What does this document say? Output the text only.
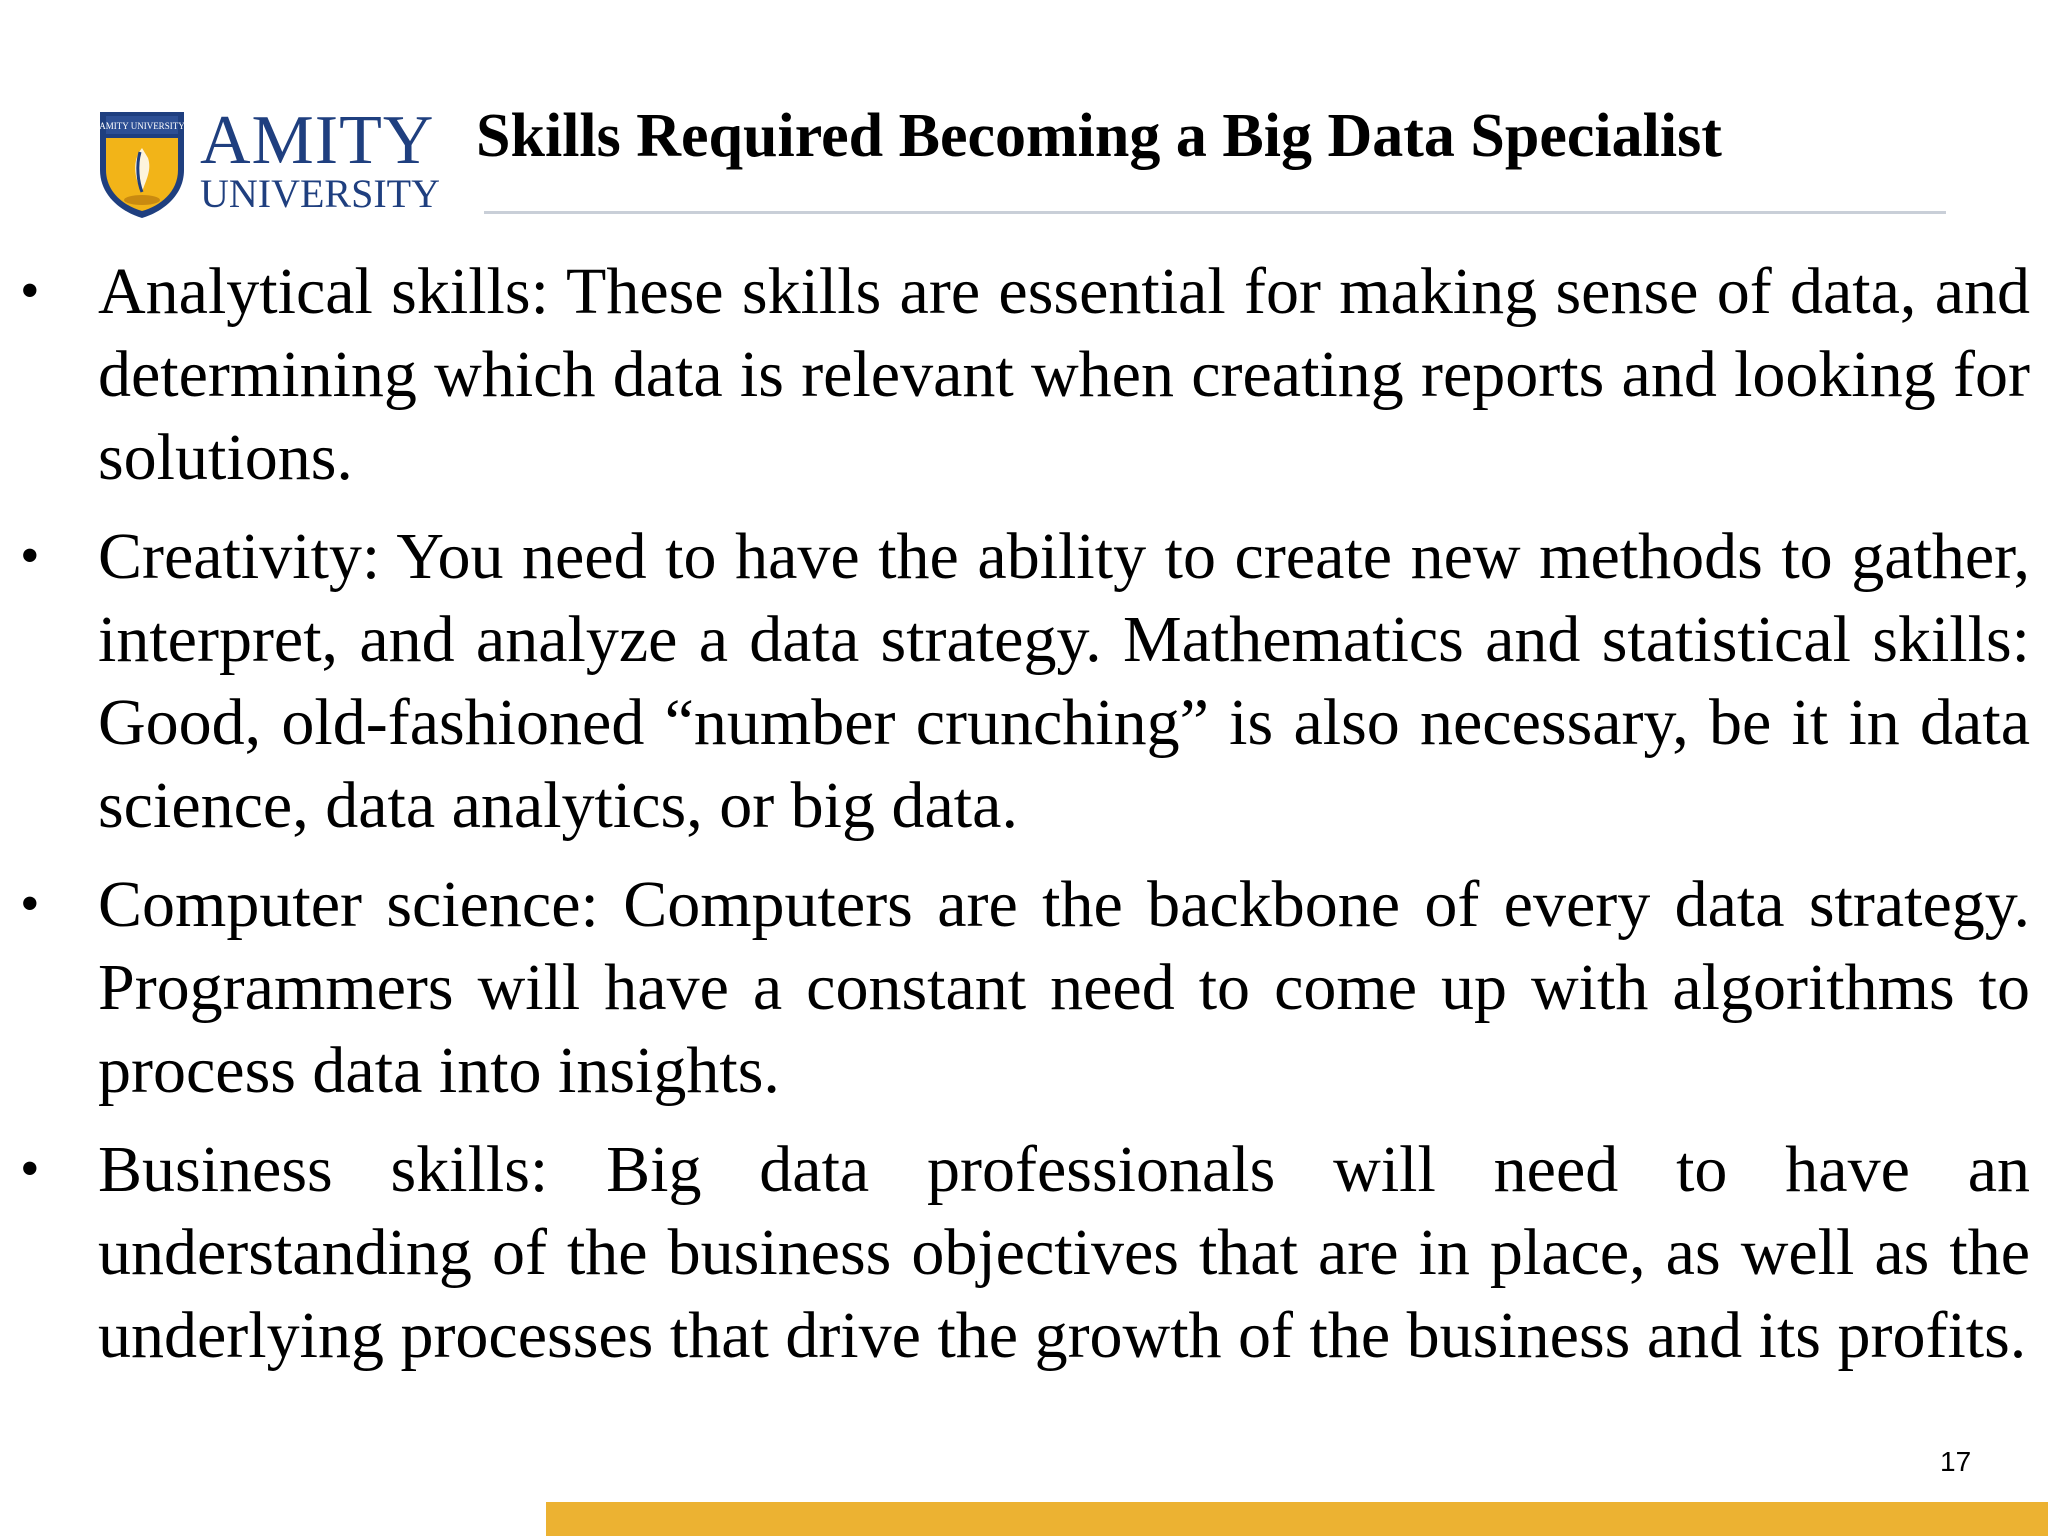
AMITY UNIVERSITY AMITY
UNIVERSITY
Skills Required Becoming a Big Data Specialist
• Analytical skills: These skills are essential for making sense of data, and determining which data is relevant when creating reports and looking for solutions.
• Creativity: You need to have the ability to create new methods to gather, interpret, and analyze a data strategy. Mathematics and statistical skills: Good, old-fashioned “number crunching” is also necessary, be it in data science, data analytics, or big data.
• Computer science: Computers are the backbone of every data strategy. Programmers will have a constant need to come up with algorithms to process data into insights.
• Business skills: Big data professionals will need to have an understanding of the business objectives that are in place, as well as the underlying processes that drive the growth of the business and its profits.
17
